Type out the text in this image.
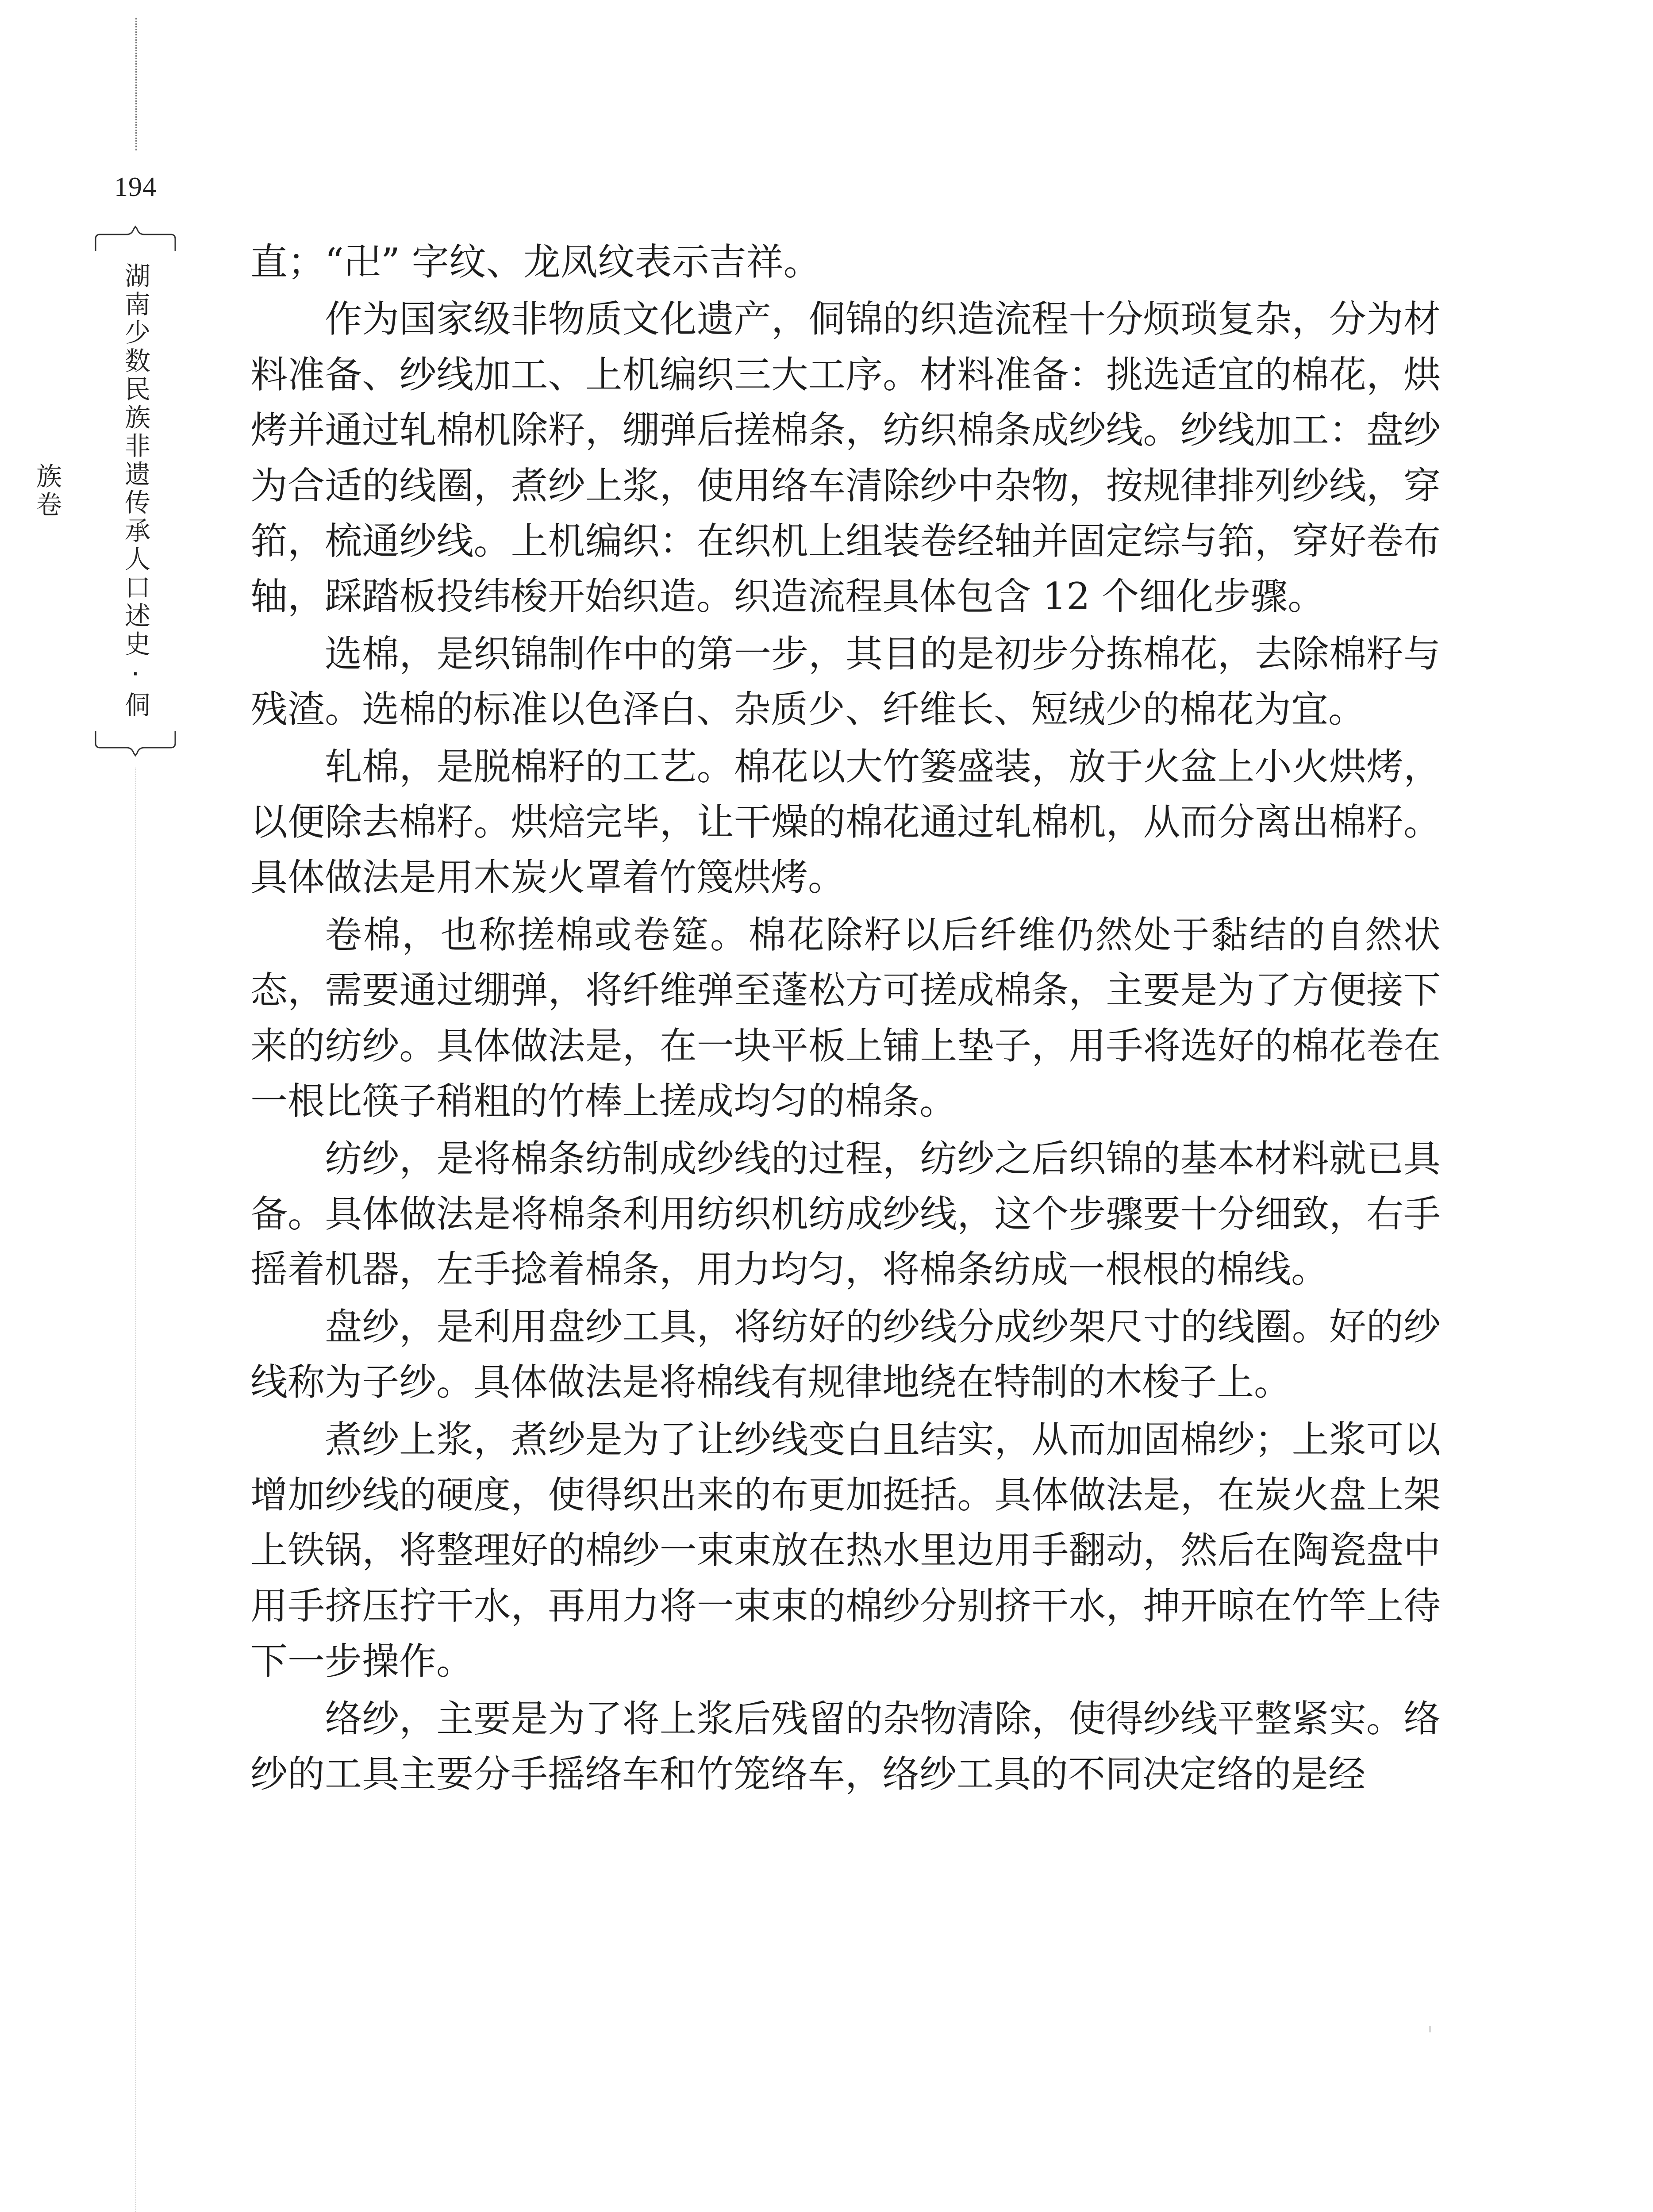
194
湖南少数民族非遗传承人口述史·侗族卷

直；“卍” 字纹、龙凤纹表示吉祥。

作为国家级非物质文化遗产，侗锦的织造流程十分烦琐复杂，分为材料准备、纱线加工、上机编织三大工序。材料准备：挑选适宜的棉花，烘烤并通过轧棉机除籽，绷弹后搓棉条，纺织棉条成纱线。纱线加工：盘纱为合适的线圈，煮纱上浆，使用络车清除纱中杂物，按规律排列纱线，穿筘，梳通纱线。上机编织：在织机上组装卷经轴并固定综与筘，穿好卷布轴，踩踏板投纬梭开始织造。织造流程具体包含 12 个细化步骤。

选棉，是织锦制作中的第一步，其目的是初步分拣棉花，去除棉籽与残渣。选棉的标准以色泽白、杂质少、纤维长、短绒少的棉花为宜。

轧棉，是脱棉籽的工艺。棉花以大竹篓盛装，放于火盆上小火烘烤，以便除去棉籽。烘焙完毕，让干燥的棉花通过轧棉机，从而分离出棉籽。具体做法是用木炭火罩着竹篾烘烤。

卷棉，也称搓棉或卷筵。棉花除籽以后纤维仍然处于黏结的自然状态，需要通过绷弹，将纤维弹至蓬松方可搓成棉条，主要是为了方便接下来的纺纱。具体做法是，在一块平板上铺上垫子，用手将选好的棉花卷在一根比筷子稍粗的竹棒上搓成均匀的棉条。

纺纱，是将棉条纺制成纱线的过程，纺纱之后织锦的基本材料就已具备。具体做法是将棉条利用纺织机纺成纱线，这个步骤要十分细致，右手摇着机器，左手捻着棉条，用力均匀，将棉条纺成一根根的棉线。

盘纱，是利用盘纱工具，将纺好的纱线分成纱架尺寸的线圈。好的纱线称为子纱。具体做法是将棉线有规律地绕在特制的木梭子上。

煮纱上浆，煮纱是为了让纱线变白且结实，从而加固棉纱；上浆可以增加纱线的硬度，使得织出来的布更加挺括。具体做法是，在炭火盘上架上铁锅，将整理好的棉纱一束束放在热水里边用手翻动，然后在陶瓷盘中用手挤压拧干水，再用力将一束束的棉纱分别挤干水，抻开晾在竹竿上待下一步操作。

络纱，主要是为了将上浆后残留的杂物清除，使得纱线平整紧实。络纱的工具主要分手摇络车和竹笼络车，络纱工具的不同决定络的是经
